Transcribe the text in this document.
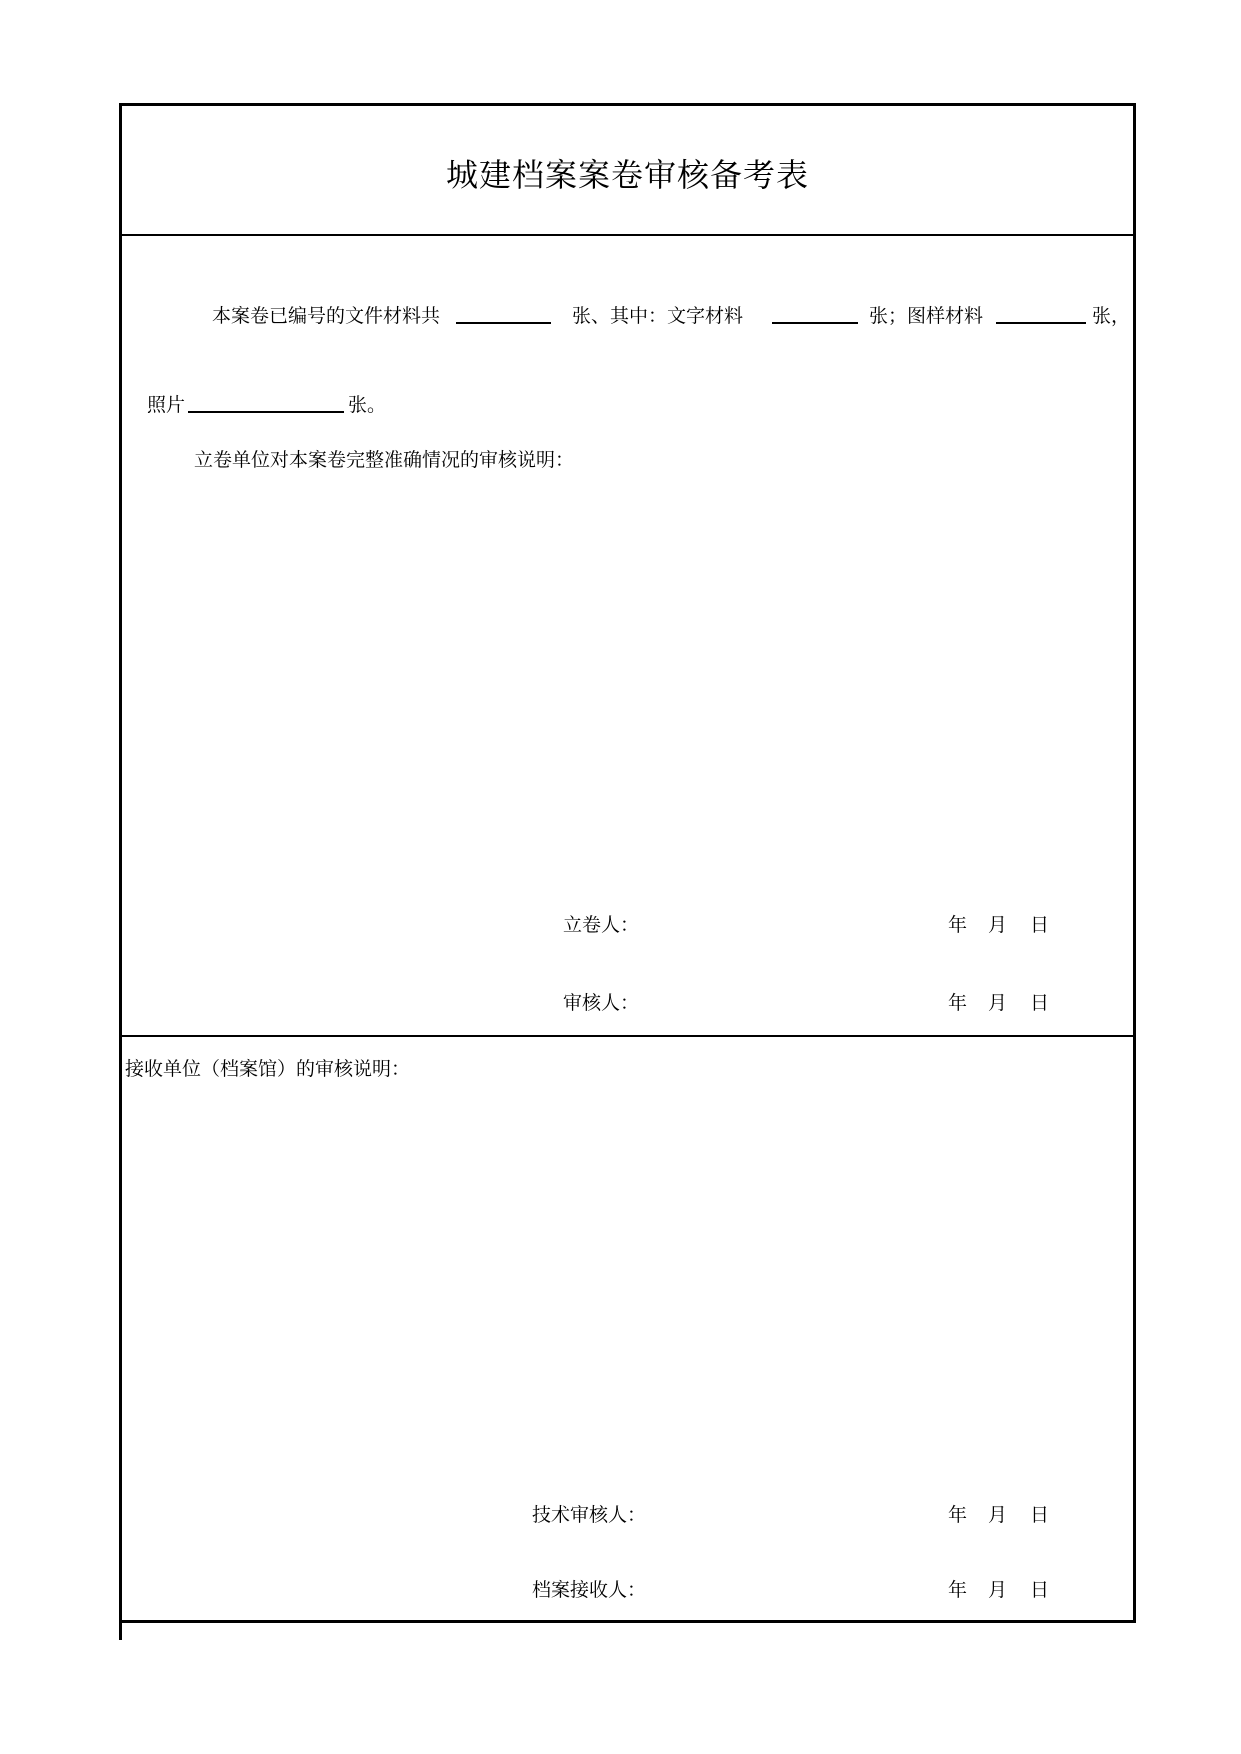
城建档案案卷审核备考表
本案卷已编号的文件材料共	张、其中：文字材料	张；图样材料	张，
照片	张。
立卷单位对本案卷完整准确情况的审核说明：
立卷人：	年 月 日
审核人：	年 月 日
接收单位（档案馆）的审核说明：
技术审核人：	年 月 日
档案接收人：	年 月 日
